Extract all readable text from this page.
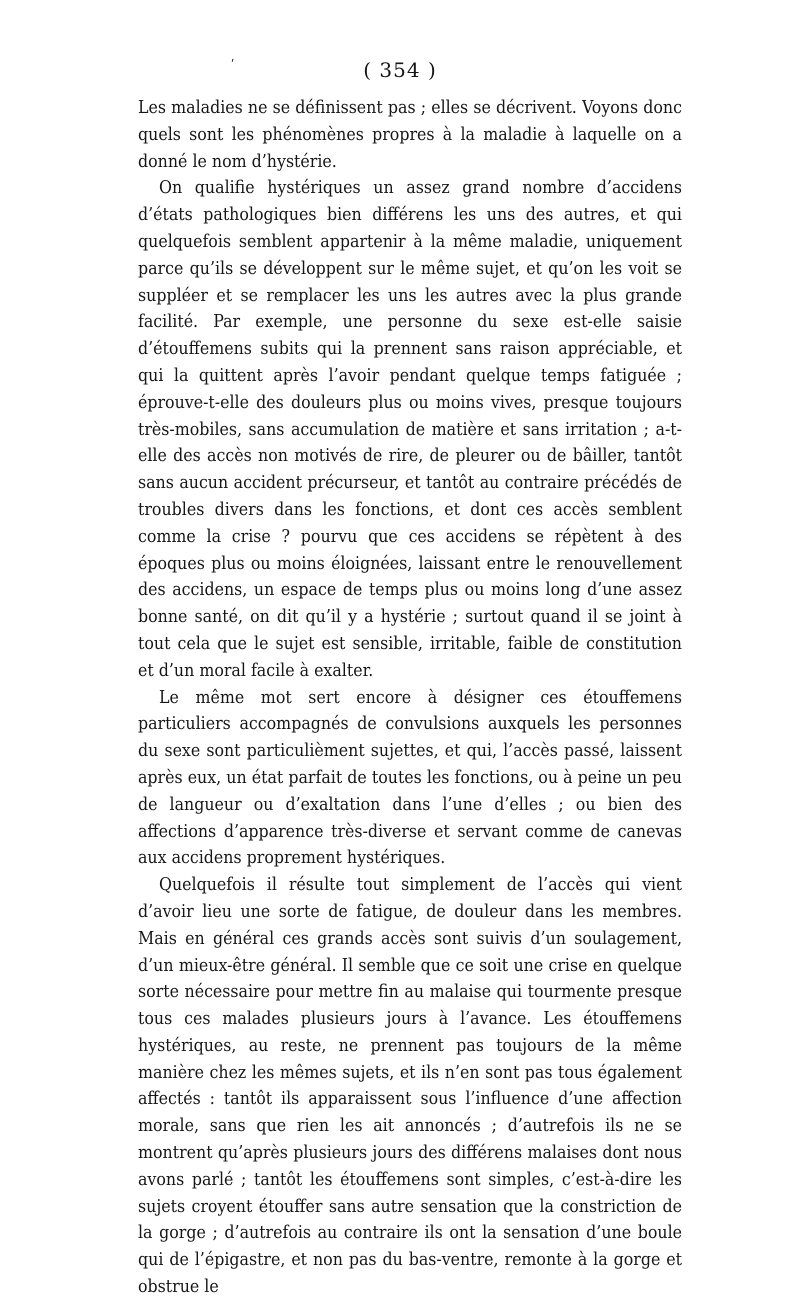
ˊ	( 354 )

Les maladies ne se définissent pas ; elles se décrivent. Voyons donc quels sont les phénomènes propres à la maladie à laquelle on a donné le nom d’hystérie.

On qualifie hystériques un assez grand nombre d’accidens d’états pathologiques bien différens les uns des autres, et qui quelquefois semblent appartenir à la même maladie, uniquement parce qu’ils se développent sur le même sujet, et qu’on les voit se suppléer et se remplacer les uns les autres avec la plus grande facilité. Par exemple, une personne du sexe est-elle saisie d’étouffemens subits qui la prennent sans raison appréciable, et qui la quittent après l’avoir pendant quelque temps fatiguée ; éprouve-t-elle des douleurs plus ou moins vives, presque toujours très-mobiles, sans accumulation de matière et sans irritation ; a-t-elle des accès non motivés de rire, de pleurer ou de bâiller, tantôt sans aucun accident précurseur, et tantôt au contraire précédés de troubles divers dans les fonctions, et dont ces accès semblent comme la crise ? pourvu que ces accidens se répètent à des époques plus ou moins éloignées, laissant entre le renouvellement des accidens, un espace de temps plus ou moins long d’une assez bonne santé, on dit qu’il y a hystérie ; surtout quand il se joint à tout cela que le sujet est sensible, irritable, faible de constitution et d’un moral facile à exalter.

Le même mot sert encore à désigner ces étouffemens particuliers accompagnés de convulsions auxquels les personnes du sexe sont particulièment sujettes, et qui, l’accès passé, laissent après eux, un état parfait de toutes les fonctions, ou à peine un peu de langueur ou d’exaltation dans l’une d’elles ; ou bien des affections d’apparence très-diverse et servant comme de canevas aux accidens proprement hystériques.

Quelquefois il résulte tout simplement de l’accès qui vient d’avoir lieu une sorte de fatigue, de douleur dans les membres. Mais en général ces grands accès sont suivis d’un soulagement, d’un mieux-être général. Il semble que ce soit une crise en quelque sorte nécessaire pour mettre fin au malaise qui tourmente presque tous ces malades plusieurs jours à l’avance. Les étouffemens hystériques, au reste, ne prennent pas toujours de la même manière chez les mêmes sujets, et ils n’en sont pas tous également affectés : tantôt ils apparaissent sous l’influence d’une affection morale, sans que rien les ait annoncés ; d’autrefois ils ne se montrent qu’après plusieurs jours des différens malaises dont nous avons parlé ; tantôt les étouffemens sont simples, c’est-à-dire les sujets croyent étouffer sans autre sensation que la constriction de la gorge ; d’autrefois au contraire ils ont la sensation d’une boule qui de l’épigastre, et non pas du bas-ventre, remonte à la gorge et obstrue le
